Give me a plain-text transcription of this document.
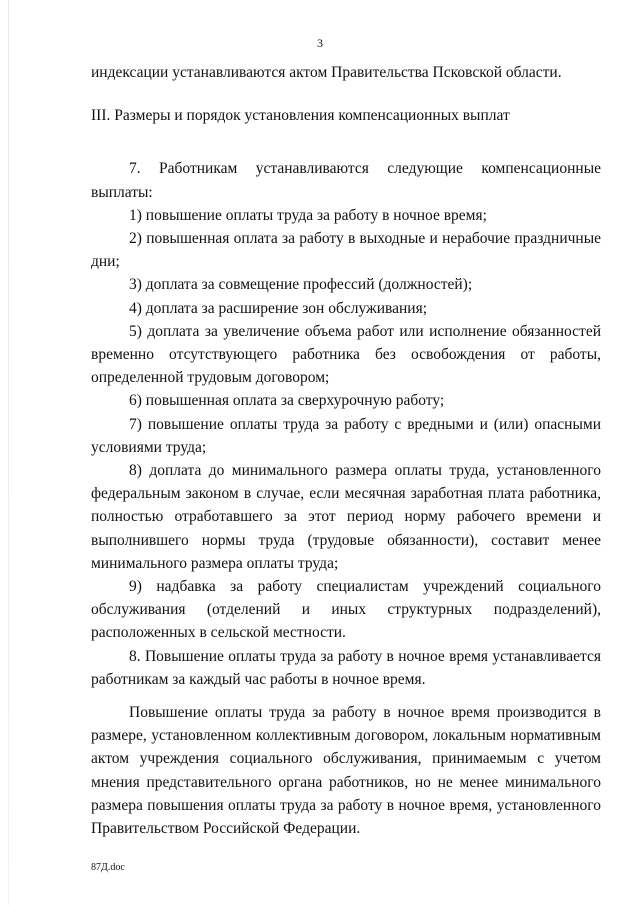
3

индексации устанавливаются актом Правительства Псковской области.

III. Размеры и порядок установления компенсационных выплат

7. Работникам устанавливаются следующие компенсационные выплаты:

1) повышение оплаты труда за работу в ночное время;

2) повышенная оплата за работу в выходные и нерабочие праздничные дни;

3) доплата за совмещение профессий (должностей);

4) доплата за расширение зон обслуживания;

5) доплата за увеличение объема работ или исполнение обязанностей временно отсутствующего работника без освобождения от работы, определенной трудовым договором;

6) повышенная оплата за сверхурочную работу;

7) повышение оплаты труда за работу с вредными и (или) опасными условиями труда;

8) доплата до минимального размера оплаты труда, установленного федеральным законом в случае, если месячная заработная плата работника, полностью отработавшего за этот период норму рабочего времени и выполнившего нормы труда (трудовые обязанности), составит менее минимального размера оплаты труда;

9) надбавка за работу специалистам учреждений социального обслуживания (отделений и иных структурных подразделений), расположенных в сельской местности.

8. Повышение оплаты труда за работу в ночное время устанавливается работникам за каждый час работы в ночное время.

Повышение оплаты труда за работу в ночное время производится в размере, установленном коллективным договором, локальным нормативным актом учреждения социального обслуживания, принимаемым с учетом мнения представительного органа работников, но не менее минимального размера повышения оплаты труда за работу в ночное время, установленного Правительством Российской Федерации.

87Д.doc
